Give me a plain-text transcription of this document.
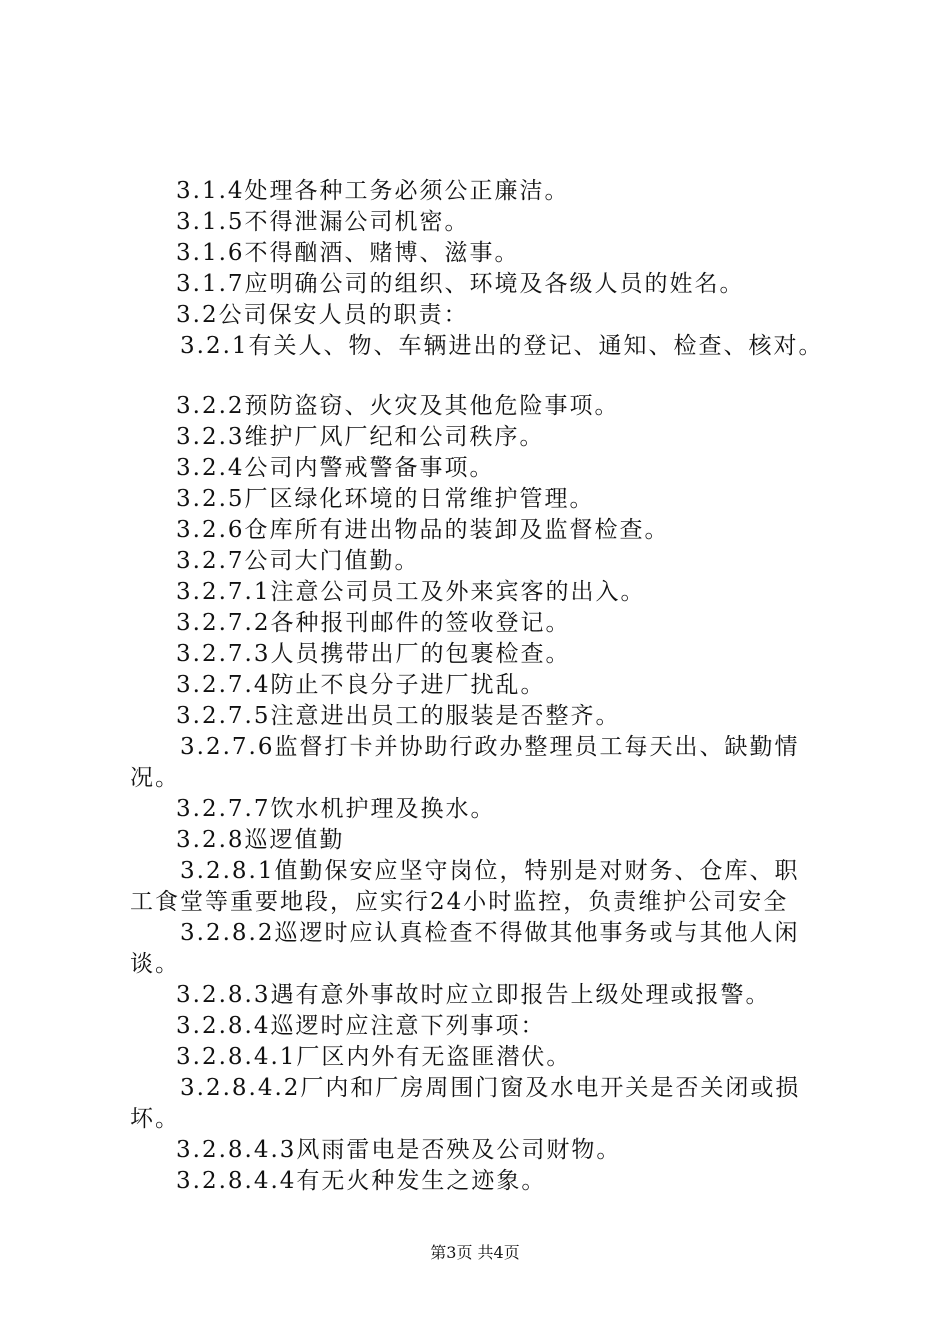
3.1.4处理各种工务必须公正廉洁。
3.1.5不得泄漏公司机密。
3.1.6不得酗酒、赌博、滋事。
3.1.7应明确公司的组织、环境及各级人员的姓名。
3.2公司保安人员的职责：
3.2.1有关人、物、车辆进出的登记、通知、检查、核对。
3.2.2预防盗窃、火灾及其他危险事项。
3.2.3维护厂风厂纪和公司秩序。
3.2.4公司内警戒警备事项。
3.2.5厂区绿化环境的日常维护管理。
3.2.6仓库所有进出物品的装卸及监督检查。
3.2.7公司大门值勤。
3.2.7.1注意公司员工及外来宾客的出入。
3.2.7.2各种报刊邮件的签收登记。
3.2.7.3人员携带出厂的包裹检查。
3.2.7.4防止不良分子进厂扰乱。
3.2.7.5注意进出员工的服装是否整齐。
3.2.7.6监督打卡并协助行政办整理员工每天出、缺勤情
况。
3.2.7.7饮水机护理及换水。
3.2.8巡逻值勤
3.2.8.1值勤保安应坚守岗位，特别是对财务、仓库、职
工食堂等重要地段，应实行24小时监控，负责维护公司安全
3.2.8.2巡逻时应认真检查不得做其他事务或与其他人闲
谈。
3.2.8.3遇有意外事故时应立即报告上级处理或报警。
3.2.8.4巡逻时应注意下列事项：
3.2.8.4.1厂区内外有无盗匪潜伏。
3.2.8.4.2厂内和厂房周围门窗及水电开关是否关闭或损
坏。
3.2.8.4.3风雨雷电是否殃及公司财物。
3.2.8.4.4有无火种发生之迹象。
第3页 共4页
